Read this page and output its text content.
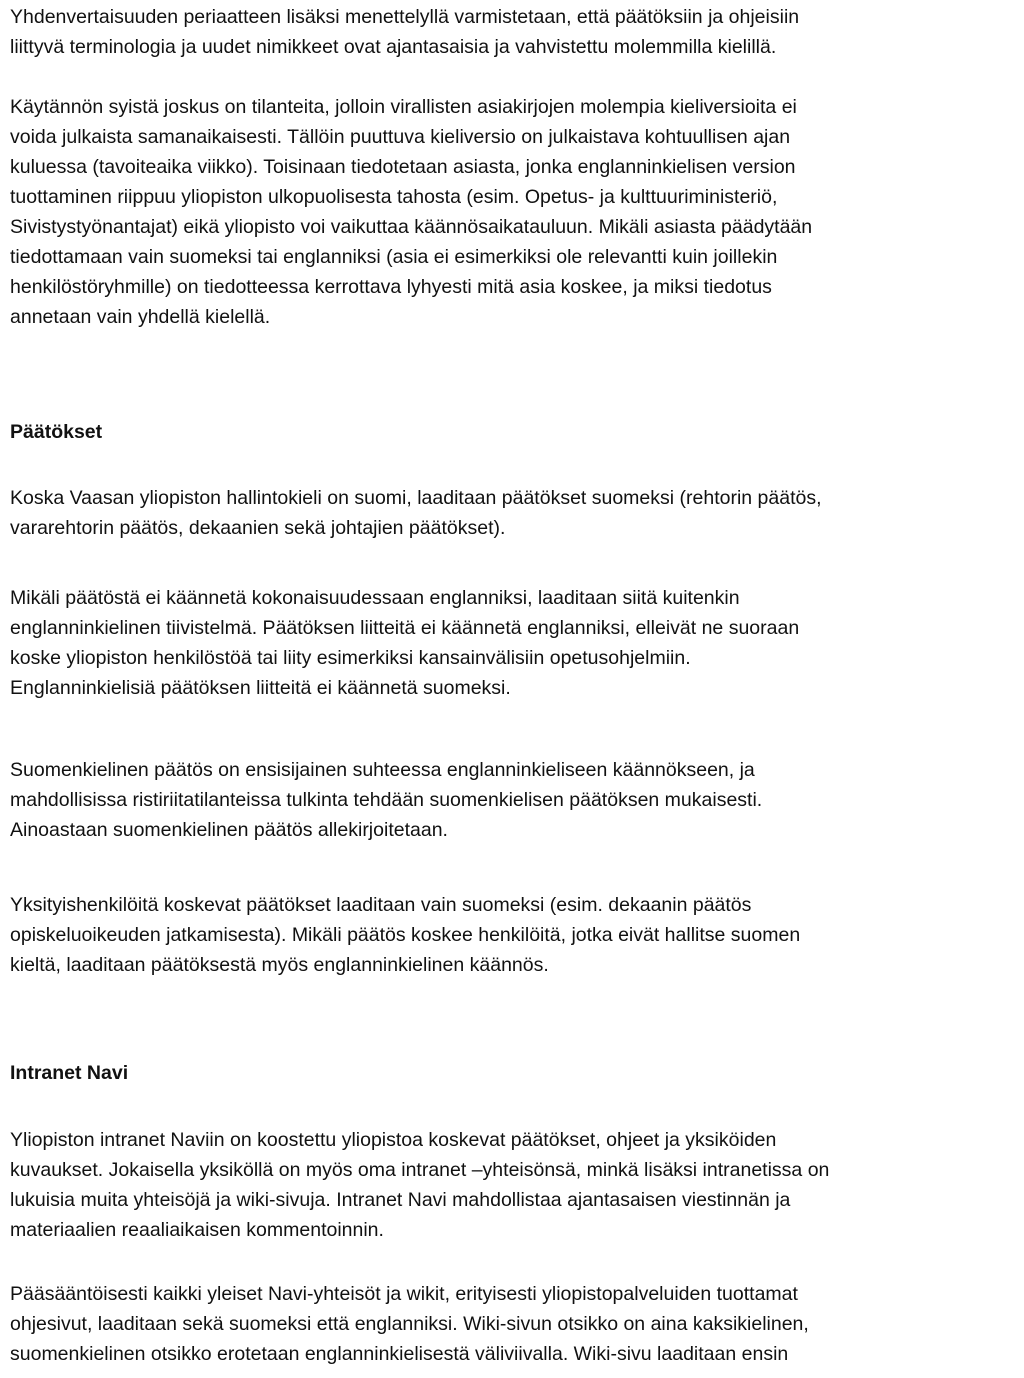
Yhdenvertaisuuden periaatteen lisäksi menettelyllä varmistetaan, että päätöksiin ja ohjeisiin
liittyvä terminologia ja uudet nimikkeet ovat ajantasaisia ja vahvistettu molemmilla kielillä.
Käytännön syistä joskus on tilanteita, jolloin virallisten asiakirjojen molempia kieliversioita ei
voida julkaista samanaikaisesti. Tällöin puuttuva kieliversio on julkaistava kohtuullisen ajan
kuluessa (tavoiteaika viikko). Toisinaan tiedotetaan asiasta, jonka englanninkielisen version
tuottaminen riippuu yliopiston ulkopuolisesta tahosta (esim. Opetus- ja kulttuuriministeriö,
Sivistystyönantajat) eikä yliopisto voi vaikuttaa käännösaikatauluun. Mikäli asiasta päädytään
tiedottamaan vain suomeksi tai englanniksi (asia ei esimerkiksi ole relevantti kuin joillekin
henkilöstöryhmille) on tiedotteessa kerrottava lyhyesti mitä asia koskee, ja miksi tiedotus
annetaan vain yhdellä kielellä.
Päätökset
Koska Vaasan yliopiston hallintokieli on suomi, laaditaan päätökset suomeksi (rehtorin päätös,
vararehtorin päätös, dekaanien sekä johtajien päätökset).
Mikäli päätöstä ei käännetä kokonaisuudessaan englanniksi, laaditaan siitä kuitenkin
englanninkielinen tiivistelmä. Päätöksen liitteitä ei käännetä englanniksi, elleivät ne suoraan
koske yliopiston henkilöstöä tai liity esimerkiksi kansainvälisiin opetusohjelmiin.
Englanninkielisiä päätöksen liitteitä ei käännetä suomeksi.
Suomenkielinen päätös on ensisijainen suhteessa englanninkieliseen käännökseen, ja
mahdollisissa ristiriitatilanteissa tulkinta tehdään suomenkielisen päätöksen mukaisesti.
Ainoastaan suomenkielinen päätös allekirjoitetaan.
Yksityishenkilöitä koskevat päätökset laaditaan vain suomeksi (esim. dekaanin päätös
opiskeluoikeuden jatkamisesta). Mikäli päätös koskee henkilöitä, jotka eivät hallitse suomen
kieltä, laaditaan päätöksestä myös englanninkielinen käännös.
Intranet Navi
Yliopiston intranet Naviin on koostettu yliopistoa koskevat päätökset, ohjeet ja yksiköiden
kuvaukset. Jokaisella yksiköllä on myös oma intranet –yhteisönsä, minkä lisäksi intranetissa on
lukuisia muita yhteisöjä ja wiki-sivuja. Intranet Navi mahdollistaa ajantasaisen viestinnän ja
materiaalien reaaliaikaisen kommentoinnin.
Pääsääntöisesti kaikki yleiset Navi-yhteisöt ja wikit, erityisesti yliopistopalveluiden tuottamat
ohjesivut, laaditaan sekä suomeksi että englanniksi. Wiki-sivun otsikko on aina kaksikielinen,
suomenkielinen otsikko erotetaan englanninkielisestä väliviivalla. Wiki-sivu laaditaan ensin
